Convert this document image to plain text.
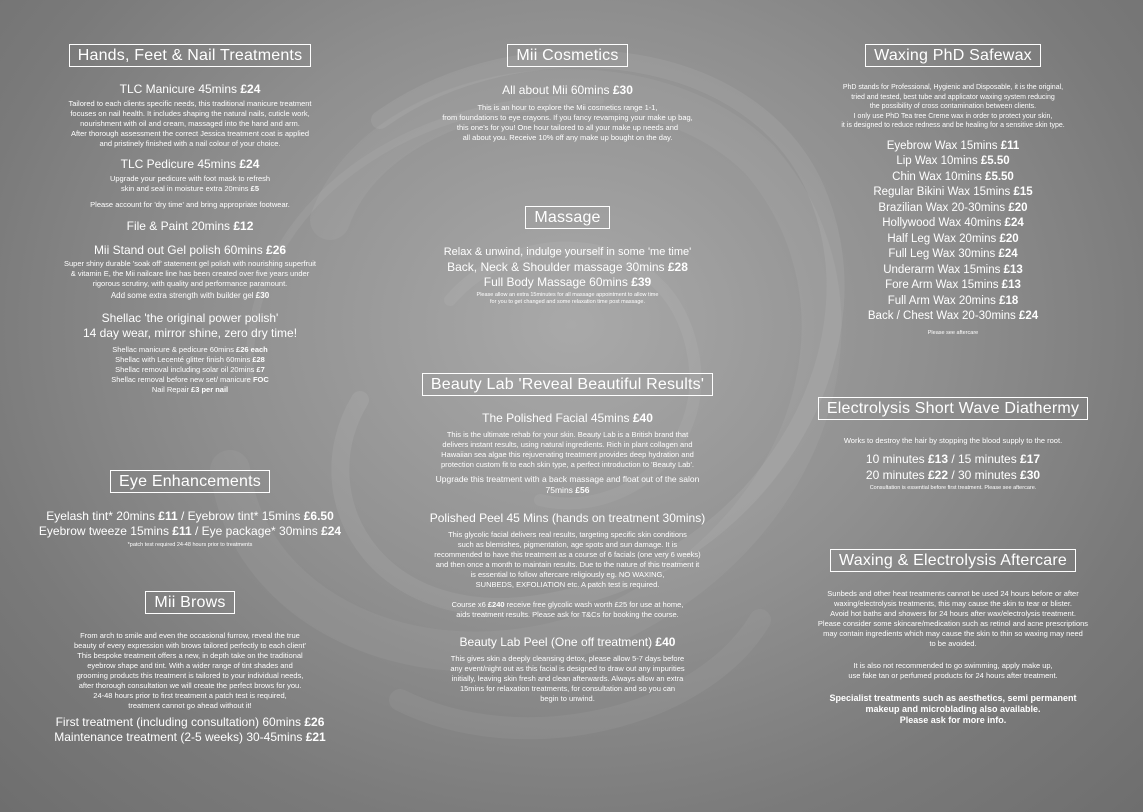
Hands, Feet & Nail Treatments

TLC Manicure 45mins £24

Tailored to each clients specific needs, this traditional manicure treatment

focuses on nail health. It includes shaping the natural nails, cuticle work,

nourishment with oil and cream, massaged into the hand and arm.

After thorough assessment the correct Jessica treatment coat is applied

and pristinely finished with a nail colour of your choice.

TLC Pedicure 45mins £24

Upgrade your pedicure with foot mask to refresh

skin and seal in moisture extra 20mins £5

Please account for 'dry time' and bring appropriate footwear.

File & Paint 20mins £12

Mii Stand out Gel polish 60mins £26

Super shiny durable 'soak off' statement gel polish with nourishing superfruit

& vitamin E, the Mii nailcare line has been created over five years under

rigorous scrutiny, with quality and performance paramount.

Add some extra strength with builder gel £30

Shellac 'the original power polish'

14 day wear, mirror shine, zero dry time!

Shellac manicure & pedicure 60mins £26 each

Shellac with Lecenté glitter finish 60mins £28

Shellac removal including solar oil 20mins £7

Shellac removal before new set/ manicure FOC

Nail Repair £3 per nail

Eye Enhancements

Eyelash tint* 20mins £11 / Eyebrow tint* 15mins £6.50

Eyebrow tweeze 15mins £11 / Eye package* 30mins £24

*patch test required 24-48 hours prior to treatments

Mii Brows

From arch to smile and even the occasional furrow, reveal the true

beauty of every expression with brows tailored perfectly to each client'

This bespoke treatment offers a new, in depth take on the traditional

eyebrow shape and tint. With a wider range of tint shades and

grooming products this treatment is tailored to your individual needs,

after thorough consultation we will create the perfect brows for you.

24-48 hours prior to first treatment a patch test is required,

treatment cannot go ahead without it!

First treatment (including consultation) 60mins £26

Maintenance treatment (2-5 weeks) 30-45mins £21

Mii Cosmetics

All about Mii 60mins £30

This is an hour to explore the Mii cosmetics range 1-1,

from foundations to eye crayons. If you fancy revamping your make up bag,

this one's for you! One hour tailored to all your make up needs and

all about you. Receive 10% off any make up bought on the day.

Massage

Relax & unwind, indulge yourself in some 'me time'

Back, Neck & Shoulder massage 30mins £28

Full Body Massage 60mins £39

Please allow an extra 15minutes for all massage appointment to allow time

for you to get changed and some relaxation time post massage.

Beauty Lab 'Reveal Beautiful Results'

The Polished Facial 45mins £40

This is the ultimate rehab for your skin. Beauty Lab is a British brand that

delivers instant results, using natural ingredients. Rich in plant collagen and

Hawaiian sea algae this rejuvenating treatment provides deep hydration and

protection custom fit to each skin type, a perfect introduction to 'Beauty Lab'.

Upgrade this treatment with a back massage and float out of the salon

75mins £56

Polished Peel 45 Mins (hands on treatment 30mins)

This glycolic facial delivers real results, targeting specific skin conditions

such as blemishes, pigmentation, age spots and sun damage. It is

recommended to have this treatment as a course of 6 facials (one very 6 weeks)

and then once a month to maintain results. Due to the nature of this treatment it

is essential to follow aftercare religiously eg. NO WAXING,

SUNBEDS, EXFOLIATION etc. A patch test is required.

Course x6 £240 receive free glycolic wash worth £25 for use at home,

aids treatment results. Please ask for T&Cs for booking the course.

Beauty Lab Peel (One off treatment) £40

This gives skin a deeply cleansing detox, please allow 5-7 days before

any event/night out as this facial is designed to draw out any impurities

initially, leaving skin fresh and clean afterwards. Always allow an extra

15mins for relaxation treatments, for consultation and so you can

begin to unwind.

Waxing PhD Safewax

PhD stands for Professional, Hygienic and Disposable, it is the original,

tried and tested, best tube and applicator waxing system reducing

the possibility of cross contamination between clients.

I only use PhD Tea tree Creme wax in order to protect your skin,

it is designed to reduce redness and be healing for a sensitive skin type.

Eyebrow Wax 15mins £11

Lip Wax 10mins £5.50

Chin Wax 10mins £5.50

Regular Bikini Wax 15mins £15

Brazilian Wax 20-30mins £20

Hollywood Wax 40mins £24

Half Leg Wax 20mins £20

Full Leg Wax 30mins £24

Underarm Wax 15mins £13

Fore Arm Wax 15mins £13

Full Arm Wax 20mins £18

Back / Chest Wax 20-30mins £24

Please see aftercare

Electrolysis Short Wave Diathermy

Works to destroy the hair by stopping the blood supply to the root.

10 minutes £13 / 15 minutes £17

20 minutes £22 / 30 minutes £30

Consultation is essential before first treatment. Please see aftercare.

Waxing & Electrolysis Aftercare

Sunbeds and other heat treatments cannot be used 24 hours before or after

waxing/electrolysis treatments, this may cause the skin to tear or blister.

Avoid hot baths and showers for 24 hours after wax/electrolysis treatment.

Please consider some skincare/medication such as retinol and acne prescriptions

may contain ingredients which may cause the skin to thin so waxing may need

to be avoided.

It is also not recommended to go swimming, apply make up,

use fake tan or perfumed products for 24 hours after treatment.

Specialist treatments such as aesthetics, semi permanent

makeup and microblading also available.

Please ask for more info.
